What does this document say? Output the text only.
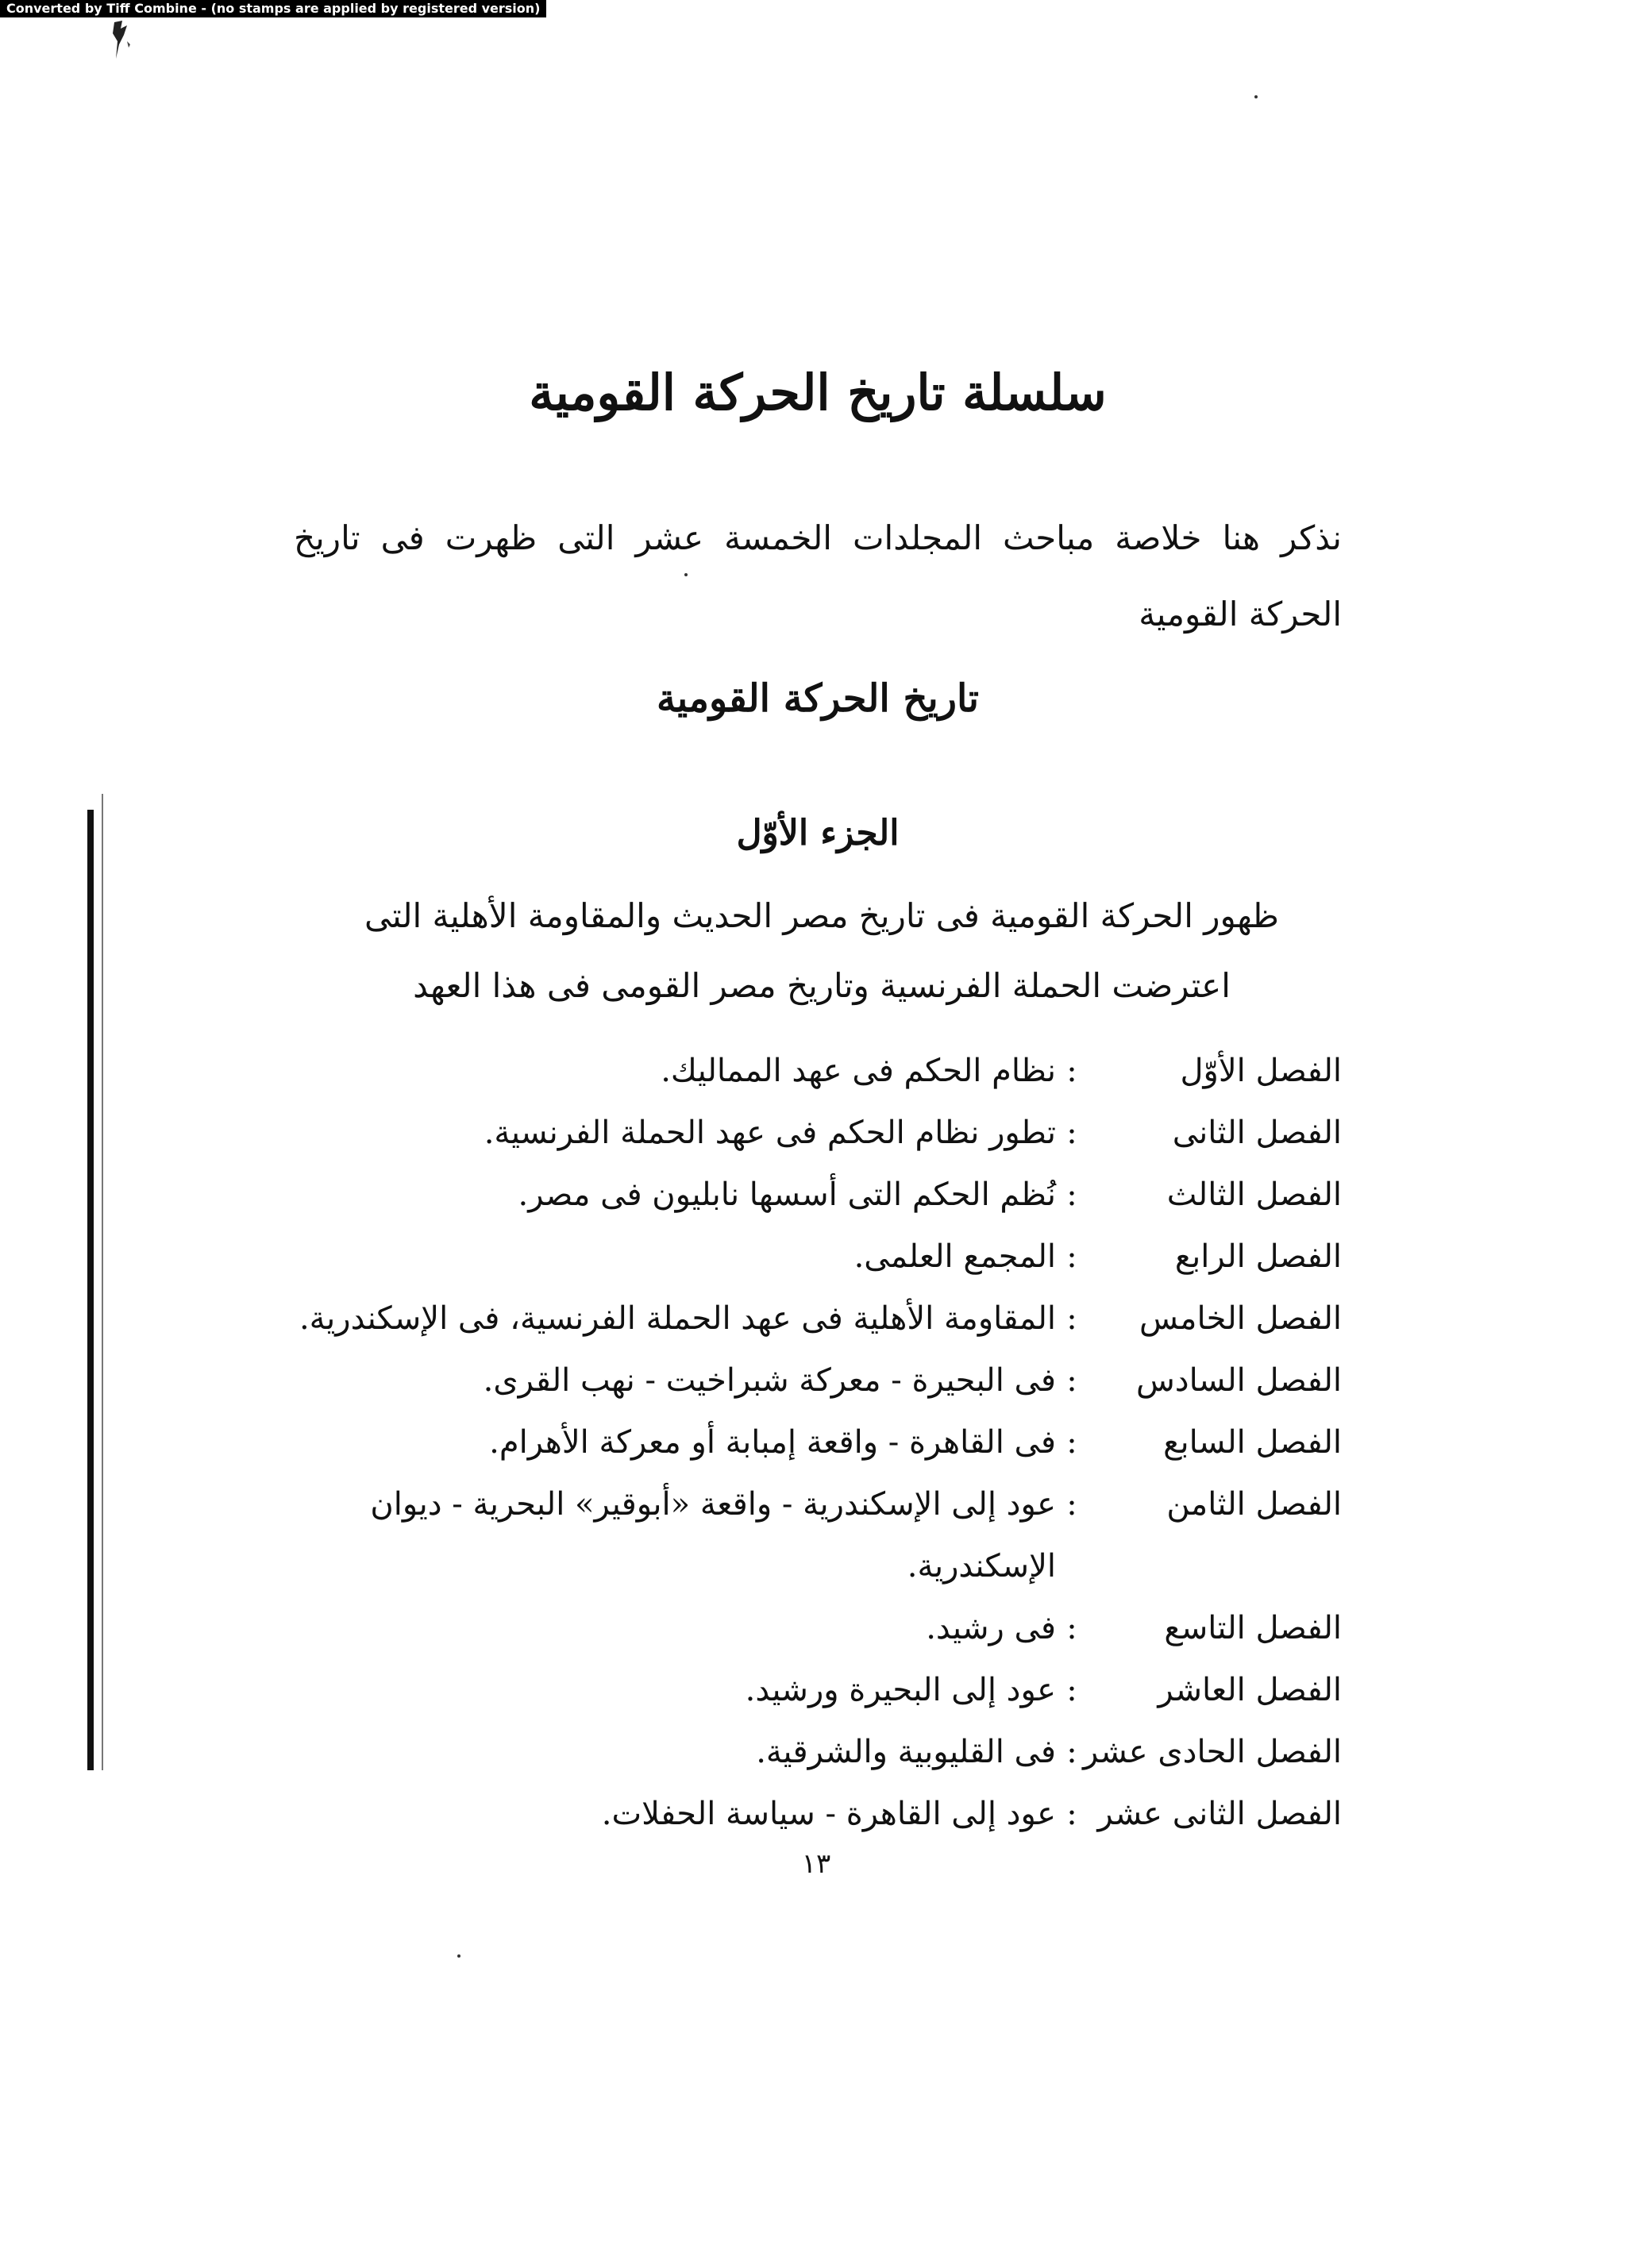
Converted by Tiff Combine - (no stamps are applied by registered version)
سلسلة تاريخ الحركة القومية

نذكر هنا خلاصة مباحث المجلدات الخمسة عشر التى ظهرت فى تاريخ الحركة القومية

تاريخ الحركة القومية
الجزء الأوّل

ظهور الحركة القومية فى تاريخ مصر الحديث والمقاومة الأهلية التى اعترضت الحملة الفرنسية وتاريخ مصر القومى فى هذا العهد

الفصل الأوّل
:
نظام الحكم فى عهد المماليك.
الفصل الثانى
:
تطور نظام الحكم فى عهد الحملة الفرنسية.
الفصل الثالث
:
نُظم الحكم التى أسسها نابليون فى مصر.
الفصل الرابع
:
المجمع العلمى.
الفصل الخامس
:
المقاومة الأهلية فى عهد الحملة الفرنسية، فى الإسكندرية.
الفصل السادس
:
فى البحيرة - معركة شبراخيت - نهب القرى.
الفصل السابع
:
فى القاهرة - واقعة إمبابة أو معركة الأهرام.
الفصل الثامن
:
عود إلى الإسكندرية - واقعة «أبوقير» البحرية - ديوان الإسكندرية.
الفصل التاسع
:
فى رشيد.
الفصل العاشر
:
عود إلى البحيرة ورشيد.
الفصل الحادى عشر
:
فى القليوبية والشرقية.
الفصل الثانى عشر
:
عود إلى القاهرة - سياسة الحفلات.
١٣
